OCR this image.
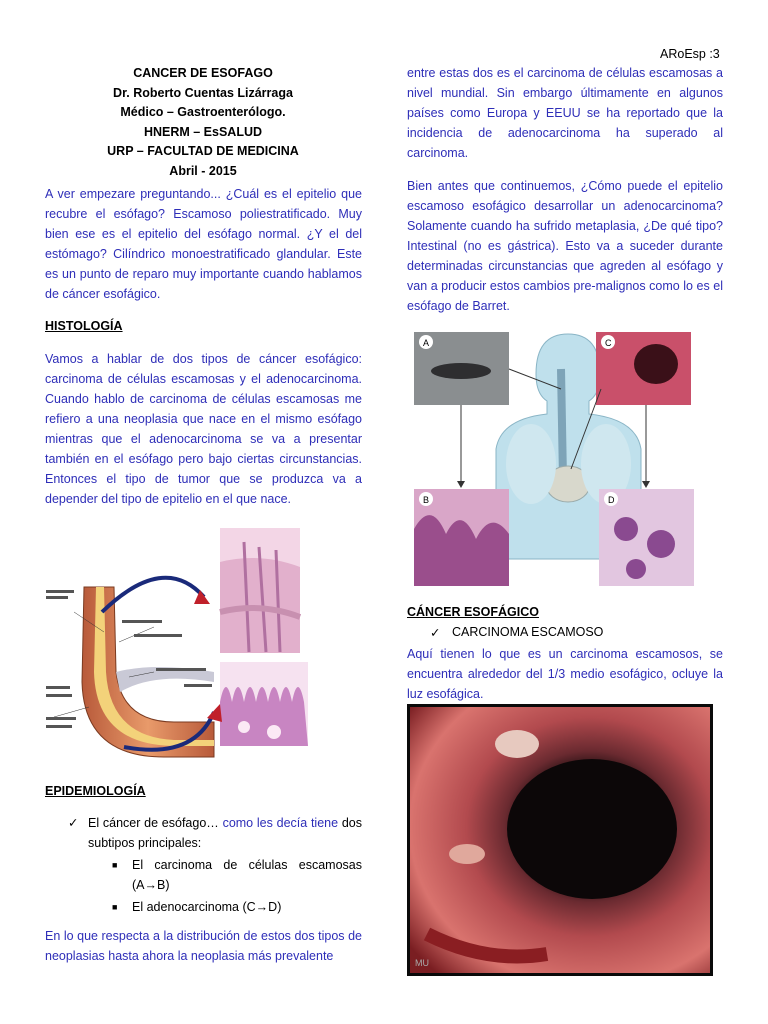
ARoEsp :3
CANCER DE ESOFAGO
Dr. Roberto Cuentas Lizárraga
Médico – Gastroenterólogo.
HNERM – EsSALUD
URP – FACULTAD DE MEDICINA
Abril - 2015
A ver empezare preguntando... ¿Cuál es el epitelio que recubre el esófago? Escamoso poliestratificado. Muy bien ese es el epitelio del esófago normal. ¿Y el del estómago? Cilíndrico monoestratificado glandular. Este es un punto de reparo muy importante cuando hablamos de cáncer esofágico.
HISTOLOGÍA
Vamos a hablar de dos tipos de cáncer esofágico: carcinoma de células escamosas y el adenocarcinoma. Cuando hablo de carcinoma de células escamosas me refiero a una neoplasia que nace en el mismo esófago mientras que el adenocarcinoma se va a presentar también en el esófago pero bajo ciertas circunstancias. Entonces el tipo de tumor que se produzca va a depender del tipo de epitelio en el que nace.
EPIDEMIOLOGÍA
✓ El cáncer de esófago… como les decía tiene dos subtipos principales:
■	El carcinoma de células escamosas (A→B)
■	El adenocarcinoma (C→D)
En lo que respecta a la distribución de estos dos tipos de neoplasias hasta ahora la neoplasia más prevalente
entre estas dos es el carcinoma de células escamosas a nivel mundial. Sin embargo últimamente en algunos países como Europa y EEUU se ha reportado que la incidencia de adenocarcinoma ha superado al carcinoma.
Bien antes que continuemos, ¿Cómo puede el epitelio escamoso esofágico desarrollar un adenocarcinoma? Solamente cuando ha sufrido metaplasia, ¿De qué tipo? Intestinal (no es gástrica). Esto va a suceder durante determinadas circunstancias que agreden al esófago y van a producir estos cambios pre-malignos como lo es el esófago de Barret.
A	C
B	D
CÁNCER ESOFÁGICO
✓ CARCINOMA ESCAMOSO
Aquí tienen lo que es un carcinoma escamosos, se encuentra alrededor del 1/3 medio esofágico, ocluye la luz esofágica.
MU
